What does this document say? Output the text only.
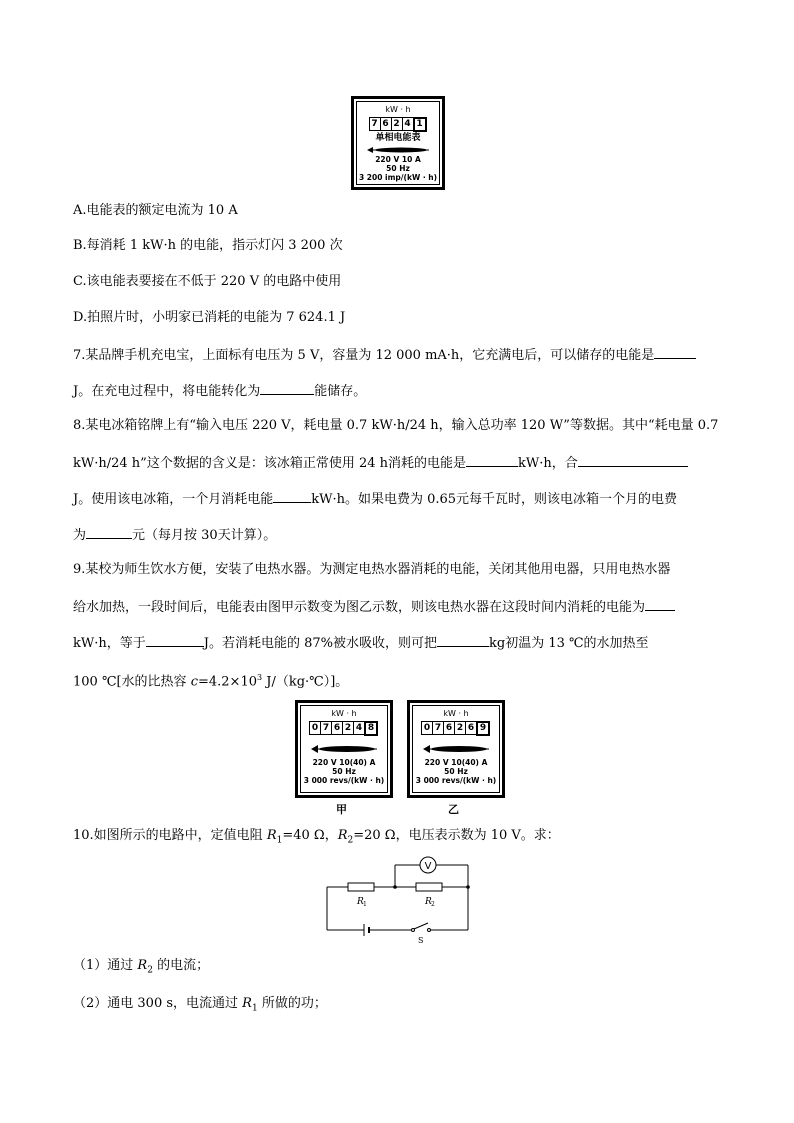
kW · h
7 6 2 4 1
单相电能表
220 V 10 A
50 Hz
3 200 imp/(kW · h)
A.电能表的额定电流为 10 A
B.每消耗 1 kW·h 的电能，指示灯闪 3 200 次
C.该电能表要接在不低于 220 V 的电路中使用
D.拍照片时，小明家已消耗的电能为 7 624.1 J
7.某品牌手机充电宝，上面标有电压为 5 V，容量为 12 000 mA·h，它充满电后，可以储存的电能是
J。在充电过程中，将电能转化为	能储存。
8.某电冰箱铭牌上有“输入电压 220 V，耗电量 0.7 kW·h/24 h，输入总功率 120 W”等数据。其中“耗电量 0.7
kW·h/24 h”这个数据的含义是：该冰箱正常使用 24 h消耗的电能是	kW·h，合
J。使用该电冰箱，一个月消耗电能	kW·h。如果电费为 0.65元每千瓦时，则该电冰箱一个月的电费
为	元（每月按 30天计算）。
9.某校为师生饮水方便，安装了电热水器。为测定电热水器消耗的电能，关闭其他用电器，只用电热水器
给水加热，一段时间后，电能表由图甲示数变为图乙示数，则该电热水器在这段时间内消耗的电能为
kW·h，等于	J。若消耗电能的 87%被水吸收，则可把	kg初温为 13 ℃的水加热至
100 ℃[水的比热容 $c=4.2\times 10^3$ J/（kg·℃）]。
kW · h
0 7 6 2 4 8
220 V 10(40) A
50 Hz
3 000 revs/(kW · h)
甲
kW · h
0 7 6 2 6 9
220 V 10(40) A
50 Hz
3 000 revs/(kW · h)
乙
10.如图所示的电路中，定值电阻 $R_1=40$ Ω，$R_2=20$ Ω，电压表示数为 10 V。求：
V
R 1	R 2
S
（1）通过 $R_2$ 的电流；
（2）通电 300 s，电流通过 $R_1$ 所做的功；
